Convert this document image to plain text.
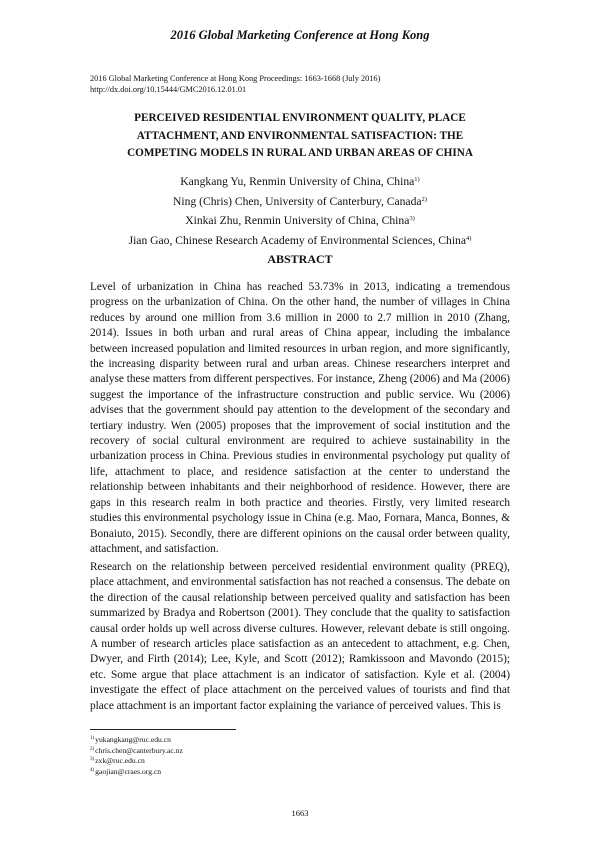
2016 Global Marketing Conference at Hong Kong
2016 Global Marketing Conference at Hong Kong Proceedings: 1663-1668 (July 2016)
http://dx.doi.org/10.15444/GMC2016.12.01.01
PERCEIVED RESIDENTIAL ENVIRONMENT QUALITY, PLACE
ATTACHMENT, AND ENVIRONMENTAL SATISFACTION: THE
COMPETING MODELS IN RURAL AND URBAN AREAS OF CHINA
Kangkang Yu, Renmin University of China, China$^{1)}$
Ning (Chris) Chen, University of Canterbury, Canada$^{2)}$
Xinkai Zhu, Renmin University of China, China$^{3)}$
Jian Gao, Chinese Research Academy of Environmental Sciences, China$^{4)}$
ABSTRACT

Level of urbanization in China has reached 53.73% in 2013, indicating a tremendous progress on the urbanization of China. On the other hand, the number of villages in China reduces by around one million from 3.6 million in 2000 to 2.7 million in 2010 (Zhang, 2014). Issues in both urban and rural areas of China appear, including the imbalance between increased population and limited resources in urban region, and more significantly, the increasing disparity between rural and urban areas. Chinese researchers interpret and analyse these matters from different perspectives. For instance, Zheng (2006) and Ma (2006) suggest the importance of the infrastructure construction and public service. Wu (2006) advises that the government should pay attention to the development of the secondary and tertiary industry. Wen (2005) proposes that the improvement of social institution and the recovery of social cultural environment are required to achieve sustainability in the urbanization process in China. Previous studies in environmental psychology put quality of life, attachment to place, and residence satisfaction at the center to understand the relationship between inhabitants and their neighborhood of residence. However, there are gaps in this research realm in both practice and theories. Firstly, very limited research studies this environmental psychology issue in China (e.g. Mao, Fornara, Manca, Bonnes, & Bonaiuto, 2015). Secondly, there are different opinions on the causal order between quality, attachment, and satisfaction.

Research on the relationship between perceived residential environment quality (PREQ), place attachment, and environmental satisfaction has not reached a consensus. The debate on the direction of the causal relationship between perceived quality and satisfaction has been summarized by Bradya and Robertson (2001). They conclude that the quality to satisfaction causal order holds up well across diverse cultures. However, relevant debate is still ongoing. A number of research articles place satisfaction as an antecedent to attachment, e.g. Chen, Dwyer, and Firth (2014); Lee, Kyle, and Scott (2012); Ramkissoon and Mavondo (2015); etc. Some argue that place attachment is an indicator of satisfaction. Kyle et al. (2004) investigate the effect of place attachment on the perceived values of tourists and find that place attachment is an important factor explaining the variance of perceived values. This is

$^{1)}$yukangkang@ruc.edu.cn
$^{2)}$chris.chen@canterbury.ac.nz
$^{3)}$zxk@ruc.edu.cn
$^{4)}$gaojian@craes.org.cn
1663
